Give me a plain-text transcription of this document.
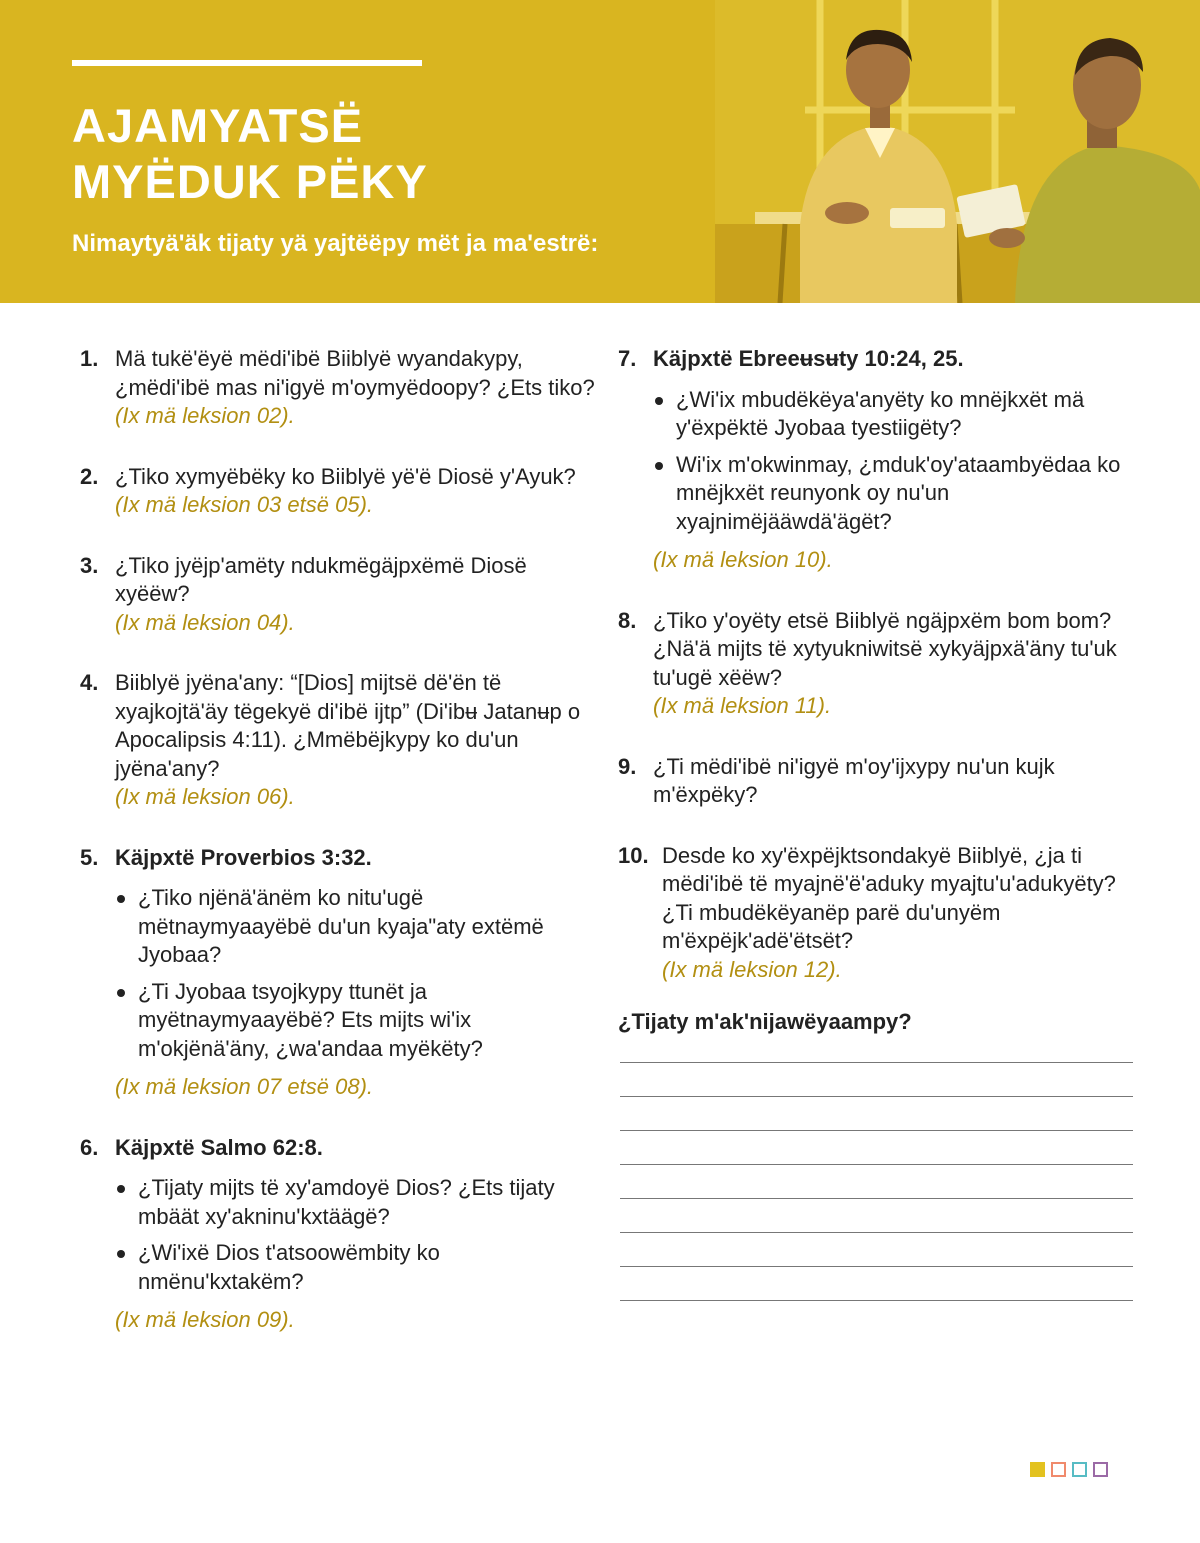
AJAMYATSË
MYËDUK PËKY

Nimaytyä'äk tijaty yä yajtëëpy mët ja ma'estrë:

1. Mä tukë'ëyë mëdi'ibë Biiblyë wyandakypy, ¿mëdi'ibë mas ni'igyë m'oymyëdoopy? ¿Ets tiko?
(Ix mä leksion 02).
2. ¿Tiko xymyëbëky ko Biiblyë yë'ë Diosë y'Ayuk?
(Ix mä leksion 03 etsë 05).
3. ¿Tiko jyëjp'amëty ndukmëgäjpxëmë Diosë xyëëw?
(Ix mä leksion 04).
4. Biiblyë jyëna'any: “[Dios] mijtsë dë'ën të xyajkojtä'äy tëgekyë di'ibë ijtp” (Di'ibʉ Jatanʉp o Apocalipsis 4:11). ¿Mmëbëjkypy ko du'un jyëna'any?
(Ix mä leksion 06).
5. Käjpxtë Proverbios 3:32.
¿Tiko njënä'änëm ko nitu'ugë mëtnaymyaayëbë du'un kyaja"aty extëmë Jyobaa?
¿Ti Jyobaa tsyojkypy ttunët ja myëtnaymyaayëbë? Ets mijts wi'ix m'okjënä'äny, ¿wa'andaa myëkëty?
(Ix mä leksion 07 etsë 08).
6. Käjpxtë Salmo 62:8.
¿Tijaty mijts të xy'amdoyë Dios? ¿Ets tijaty mbäät xy'akninu'kxtäägë?
¿Wi'ixë Dios t'atsoowëmbity ko nmënu'kxtakëm?
(Ix mä leksion 09).
7. Käjpxtë Ebreeʉsʉty 10:24, 25.
¿Wi'ix mbudëkëya'anyëty ko mnëjkxët mä y'ëxpëktë Jyobaa tyestiigëty?
Wi'ix m'okwinmay, ¿mduk'oy'ataambyëdaa ko mnëjkxët reunyonk oy nu'un xyajnimëjääwdä'ägët?
(Ix mä leksion 10).
8. ¿Tiko y'oyëty etsë Biiblyë ngäjpxëm bom bom? ¿Nä'ä mijts të xytyukniwitsë xykyäjpxä'äny tu'uk tu'ugë xëëw?
(Ix mä leksion 11).
9. ¿Ti mëdi'ibë ni'igyë m'oy'ijxypy nu'un kujk m'ëxpëky?
10. Desde ko xy'ëxpëjktsondakyë Biiblyë, ¿ja ti mëdi'ibë të myajnë'ë'aduky myajtu'u'adukyëty? ¿Ti mbudëkëyanëp parë du'unyëm m'ëxpëjk'adë'ëtsët?
(Ix mä leksion 12).
¿Tijaty m'ak'nijawëyaampy?
